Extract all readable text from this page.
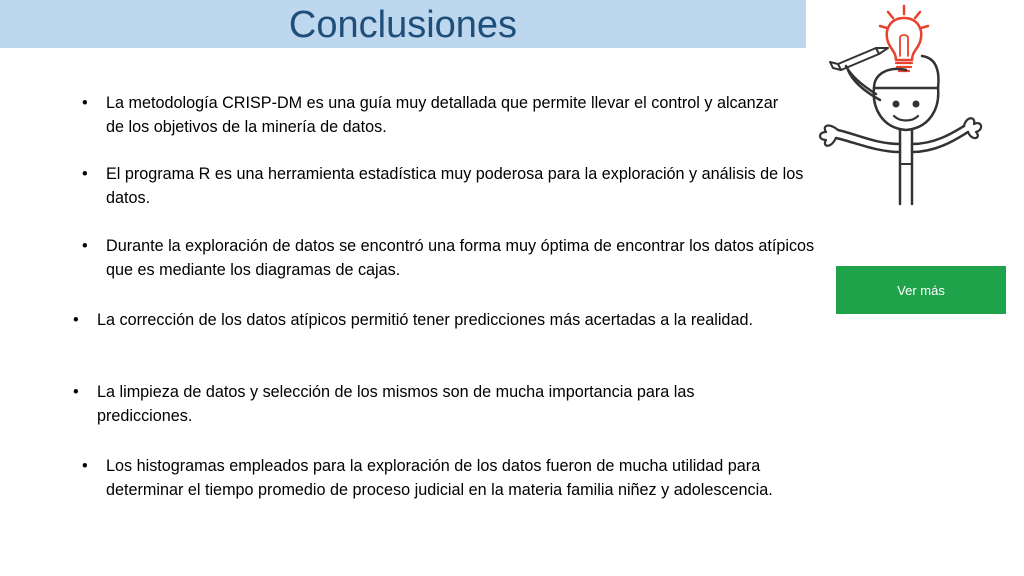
Conclusiones
•	La metodología CRISP-DM es una guía muy detallada que permite llevar el control y alcanzar de los objetivos de la minería de datos.
•	El programa R es una herramienta estadística muy poderosa para la exploración y análisis de los datos.
•	Durante la exploración de datos se encontró una forma muy óptima de encontrar los datos atípicos que es mediante los diagramas de cajas.
•	La corrección de los datos atípicos permitió tener predicciones más acertadas a la realidad.
•	La limpieza de datos y selección de los mismos son de mucha importancia para las predicciones.
•	Los histogramas empleados para la exploración de los datos fueron de mucha utilidad para determinar el tiempo promedio de proceso judicial en la materia familia niñez y adolescencia.
Ver más
